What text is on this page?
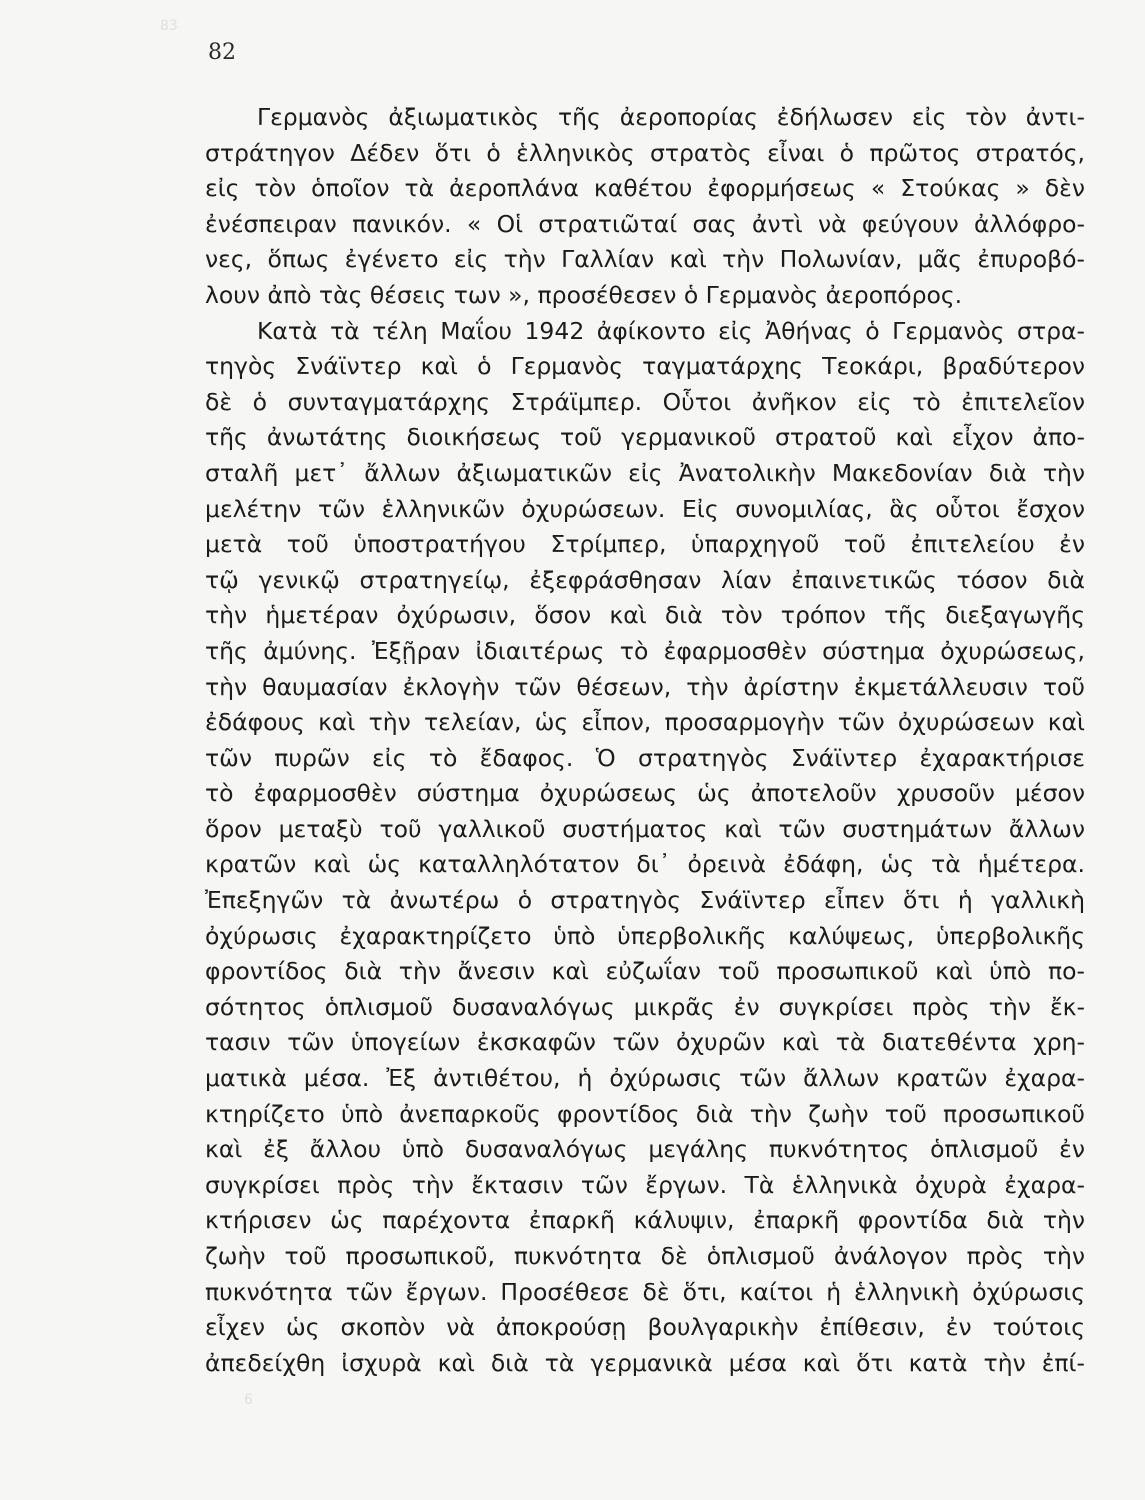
83
6
82
Γερμανὸς ἀξιωματικὸς τῆς ἀεροπορίας ἐδήλωσεν εἰς τὸν ἀντι-
στράτηγον Δέδεν ὅτι ὁ ἑλληνικὸς στρατὸς εἶναι ὁ πρῶτος στρατός,
εἰς τὸν ὁποῖον τὰ ἀεροπλάνα καθέτου ἐφορμήσεως « Στούκας » δὲν
ἐνέσπειραν πανικόν. « Οἱ στρατιῶταί σας ἀντὶ νὰ φεύγουν ἀλλόφρο-
νες, ὅπως ἐγένετο εἰς τὴν Γαλλίαν καὶ τὴν Πολωνίαν, μᾶς ἐπυροβό-
λουν ἀπὸ τὰς θέσεις των », προσέθεσεν ὁ Γερμανὸς ἀεροπόρος.
Κατὰ τὰ τέλη Μαΐου 1942 ἀφίκοντο εἰς Ἀθήνας ὁ Γερμανὸς στρα-
τηγὸς Σνάϊντερ καὶ ὁ Γερμανὸς ταγματάρχης Τεοκάρι, βραδύτερον
δὲ ὁ συνταγματάρχης Στράϊμπερ. Οὗτοι ἀνῆκον εἰς τὸ ἐπιτελεῖον
τῆς ἀνωτάτης διοικήσεως τοῦ γερμανικοῦ στρατοῦ καὶ εἶχον ἀπο-
σταλῆ μετ᾽ ἄλλων ἀξιωματικῶν εἰς Ἀνατολικὴν Μακεδονίαν διὰ τὴν
μελέτην τῶν ἑλληνικῶν ὀχυρώσεων. Εἰς συνομιλίας, ἃς οὗτοι ἔσχον
μετὰ τοῦ ὑποστρατήγου Στρίμπερ, ὑπαρχηγοῦ τοῦ ἐπιτελείου ἐν
τῷ γενικῷ στρατηγείῳ, ἐξεφράσθησαν λίαν ἐπαινετικῶς τόσον διὰ
τὴν ἡμετέραν ὀχύρωσιν, ὅσον καὶ διὰ τὸν τρόπον τῆς διεξαγωγῆς
τῆς ἀμύνης. Ἐξῇραν ἰδιαιτέρως τὸ ἐφαρμοσθὲν σύστημα ὀχυρώσεως,
τὴν θαυμασίαν ἐκλογὴν τῶν θέσεων, τὴν ἀρίστην ἐκμετάλλευσιν τοῦ
ἐδάφους καὶ τὴν τελείαν, ὡς εἶπον, προσαρμογὴν τῶν ὀχυρώσεων καὶ
τῶν πυρῶν εἰς τὸ ἔδαφος. Ὁ στρατηγὸς Σνάϊντερ ἐχαρακτήρισε
τὸ ἐφαρμοσθὲν σύστημα ὀχυρώσεως ὡς ἀποτελοῦν χρυσοῦν μέσον
ὅρον μεταξὺ τοῦ γαλλικοῦ συστήματος καὶ τῶν συστημάτων ἄλλων
κρατῶν καὶ ὡς καταλληλότατον δι᾽ ὀρεινὰ ἐδάφη, ὡς τὰ ἡμέτερα.
Ἐπεξηγῶν τὰ ἀνωτέρω ὁ στρατηγὸς Σνάϊντερ εἶπεν ὅτι ἡ γαλλικὴ
ὀχύρωσις ἐχαρακτηρίζετο ὑπὸ ὑπερβολικῆς καλύψεως, ὑπερβολικῆς
φροντίδος διὰ τὴν ἄνεσιν καὶ εὐζωΐαν τοῦ προσωπικοῦ καὶ ὑπὸ πο-
σότητος ὁπλισμοῦ δυσαναλόγως μικρᾶς ἐν συγκρίσει πρὸς τὴν ἔκ-
τασιν τῶν ὑπογείων ἐκσκαφῶν τῶν ὀχυρῶν καὶ τὰ διατεθέντα χρη-
ματικὰ μέσα. Ἐξ ἀντιθέτου, ἡ ὀχύρωσις τῶν ἄλλων κρατῶν ἐχαρα-
κτηρίζετο ὑπὸ ἀνεπαρκοῦς φροντίδος διὰ τὴν ζωὴν τοῦ προσωπικοῦ
καὶ ἐξ ἄλλου ὑπὸ δυσαναλόγως μεγάλης πυκνότητος ὁπλισμοῦ ἐν
συγκρίσει πρὸς τὴν ἔκτασιν τῶν ἔργων. Τὰ ἑλληνικὰ ὀχυρὰ ἐχαρα-
κτήρισεν ὡς παρέχοντα ἐπαρκῆ κάλυψιν, ἐπαρκῆ φροντίδα διὰ τὴν
ζωὴν τοῦ προσωπικοῦ, πυκνότητα δὲ ὁπλισμοῦ ἀνάλογον πρὸς τὴν
πυκνότητα τῶν ἔργων. Προσέθεσε δὲ ὅτι, καίτοι ἡ ἑλληνικὴ ὀχύρωσις
εἶχεν ὡς σκοπὸν νὰ ἀποκρούσῃ βουλγαρικὴν ἐπίθεσιν, ἐν τούτοις
ἀπεδείχθη ἰσχυρὰ καὶ διὰ τὰ γερμανικὰ μέσα καὶ ὅτι κατὰ τὴν ἐπί-
